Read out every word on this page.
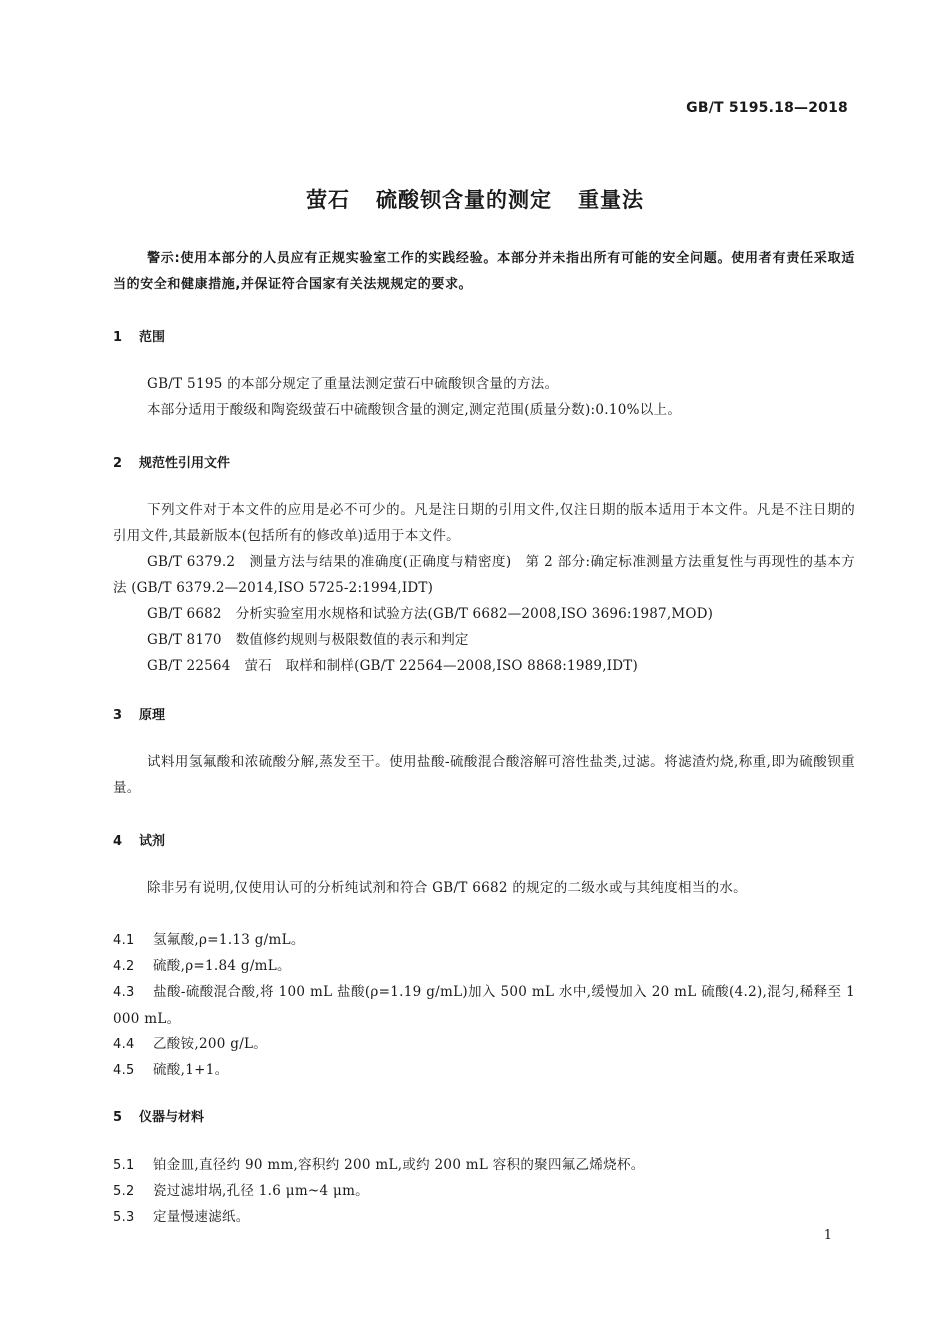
GB/T 5195.18—2018
萤石 硫酸钡含量的测定 重量法
警示:使用本部分的人员应有正规实验室工作的实践经验。本部分并未指出所有可能的安全问题。使用者有责任采取适当的安全和健康措施,并保证符合国家有关法规规定的要求。
1 范围
GB/T 5195 的本部分规定了重量法测定萤石中硫酸钡含量的方法。
本部分适用于酸级和陶瓷级萤石中硫酸钡含量的测定,测定范围(质量分数):0.10%以上。
2 规范性引用文件
下列文件对于本文件的应用是必不可少的。凡是注日期的引用文件,仅注日期的版本适用于本文件。凡是不注日期的引用文件,其最新版本(包括所有的修改单)适用于本文件。
GB/T 6379.2 测量方法与结果的准确度(正确度与精密度)　第 2 部分:确定标准测量方法重复性与再现性的基本方法 (GB/T 6379.2—2014,ISO 5725-2:1994,IDT)
GB/T 6682 分析实验室用水规格和试验方法(GB/T 6682—2008,ISO 3696:1987,MOD)
GB/T 8170 数值修约规则与极限数值的表示和判定
GB/T 22564 萤石　取样和制样(GB/T 22564—2008,ISO 8868:1989,IDT)
3 原理
试料用氢氟酸和浓硫酸分解,蒸发至干。使用盐酸-硫酸混合酸溶解可溶性盐类,过滤。将滤渣灼烧,称重,即为硫酸钡重量。
4 试剂
除非另有说明,仅使用认可的分析纯试剂和符合 GB/T 6682 的规定的二级水或与其纯度相当的水。
4.1 氢氟酸,ρ=1.13 g/mL。
4.2 硫酸,ρ=1.84 g/mL。
4.3 盐酸-硫酸混合酸,将 100 mL 盐酸(ρ=1.19 g/mL)加入 500 mL 水中,缓慢加入 20 mL 硫酸(4.2),混匀,稀释至 1 000 mL。
4.4 乙酸铵,200 g/L。
4.5 硫酸,1+1。
5 仪器与材料
5.1 铂金皿,直径约 90 mm,容积约 200 mL,或约 200 mL 容积的聚四氟乙烯烧杯。
5.2 瓷过滤坩埚,孔径 1.6 μm~4 μm。
5.3 定量慢速滤纸。
1
